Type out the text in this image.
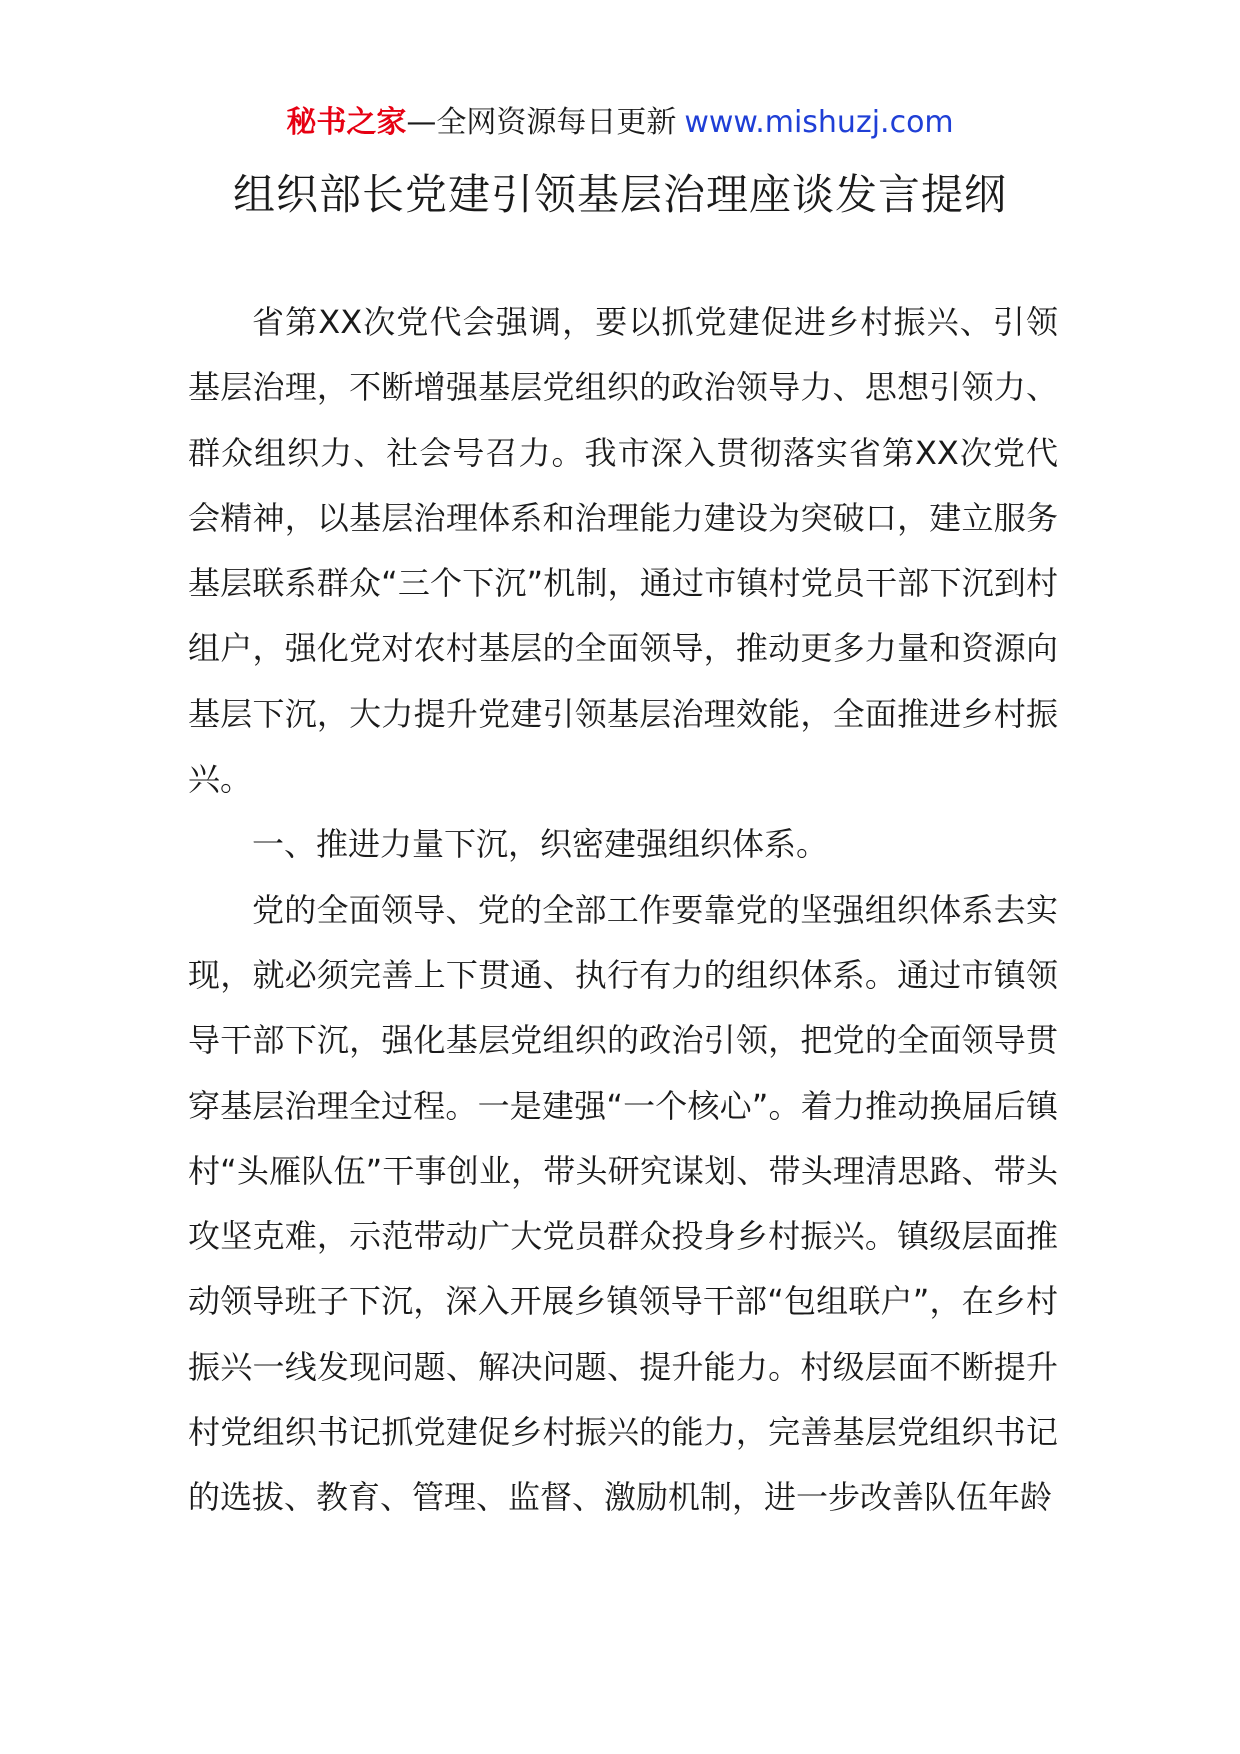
秘书之家—全网资源每日更新 www.mishuzj.com
组织部长党建引领基层治理座谈发言提纲

省第XX次党代会强调，要以抓党建促进乡村振兴、引领基层治理，不断增强基层党组织的政治领导力、思想引领力、群众组织力、社会号召力。我市深入贯彻落实省第XX次党代会精神，以基层治理体系和治理能力建设为突破口，建立服务基层联系群众“三个下沉”机制，通过市镇村党员干部下沉到村组户，强化党对农村基层的全面领导，推动更多力量和资源向基层下沉，大力提升党建引领基层治理效能，全面推进乡村振兴。

一、推进力量下沉，织密建强组织体系。

党的全面领导、党的全部工作要靠党的坚强组织体系去实现，就必须完善上下贯通、执行有力的组织体系。通过市镇领导干部下沉，强化基层党组织的政治引领，把党的全面领导贯穿基层治理全过程。一是建强“一个核心”。着力推动换届后镇村“头雁队伍”干事创业，带头研究谋划、带头理清思路、带头攻坚克难，示范带动广大党员群众投身乡村振兴。镇级层面推动领导班子下沉，深入开展乡镇领导干部“包组联户”，在乡村振兴一线发现问题、解决问题、提升能力。村级层面不断提升村党组织书记抓党建促乡村振兴的能力，完善基层党组织书记的选拔、教育、管理、监督、激励机制，进一步改善队伍年龄
